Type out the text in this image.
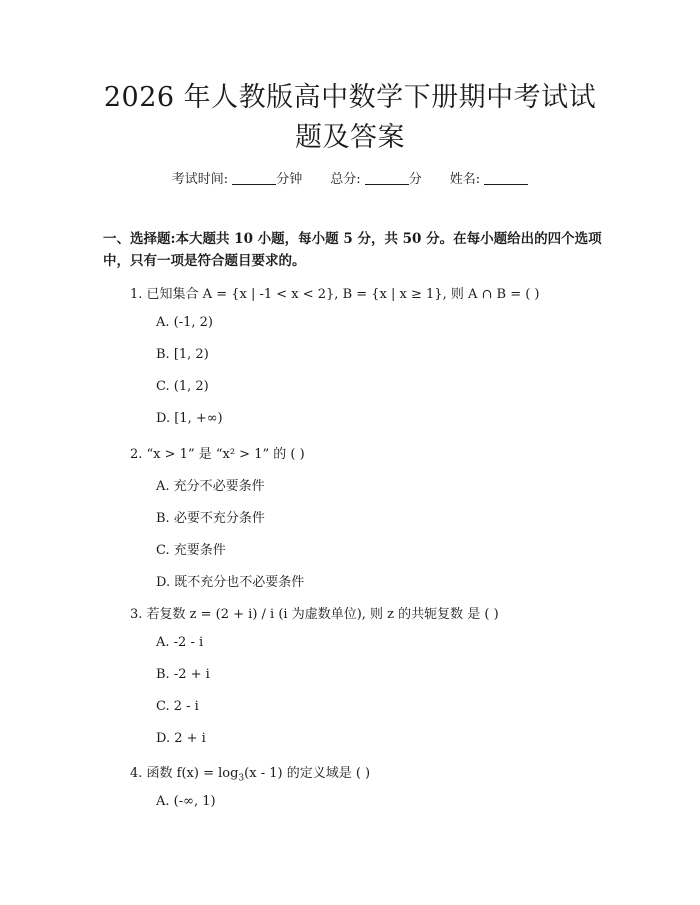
2026 年人教版高中数学下册期中考试试题及答案
考试时间:	分钟 总分:	分 姓名:
一、选择题:本大题共 10 小题，每小题 5 分，共 50 分。在每小题给出的四个选项中，只有一项是符合题目要求的。
1. 已知集合 A = {x | -1 < x < 2}, B = {x | x ≥ 1}, 则 A ∩ B = ( )
A. (-1, 2)
B. [1, 2)
C. (1, 2)
D. [1, +∞)
2. “x > 1” 是 “x² > 1” 的 ( )
A. 充分不必要条件
B. 必要不充分条件
C. 充要条件
D. 既不充分也不必要条件
3. 若复数 z = (2 + i) / i (i 为虚数单位), 则 z 的共轭复数 是 ( )
A. -2 - i
B. -2 + i
C. 2 - i
D. 2 + i
4. 函数 $f(x) = \log_3(x - 1)$ 的定义域是 ( )
A. (-∞, 1)
